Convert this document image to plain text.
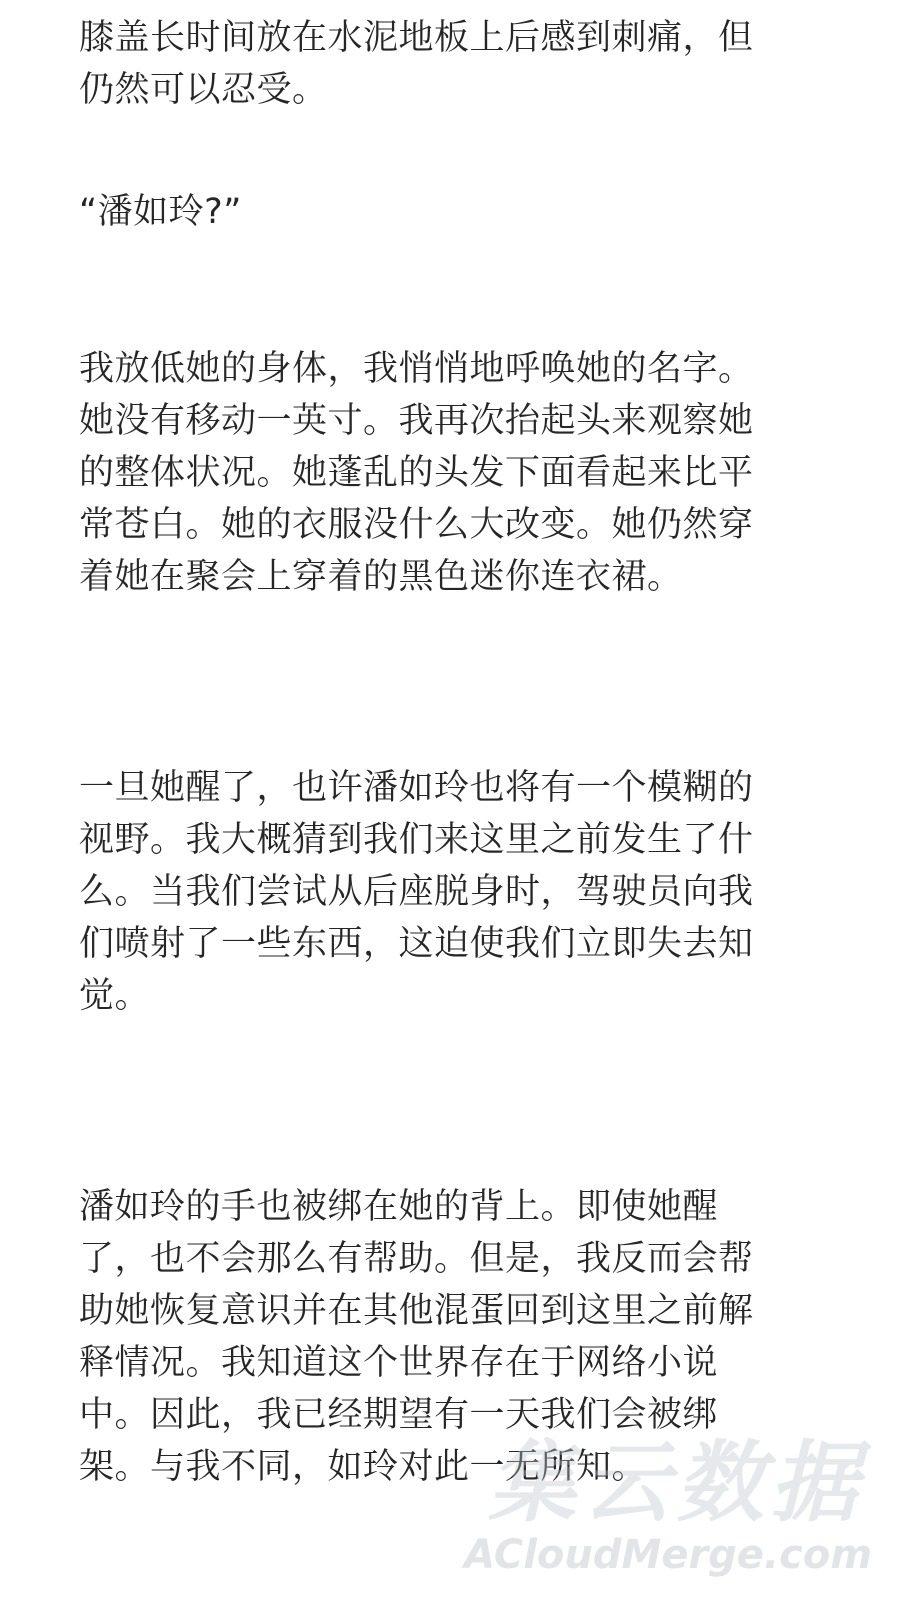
膝盖长时间放在水泥地板上后感到刺痛，但
仍然可以忍受。
“潘如玲?”
我放低她的身体，我悄悄地呼唤她的名字。
她没有移动一英寸。我再次抬起头来观察她
的整体状况。她蓬乱的头发下面看起来比平
常苍白。她的衣服没什么大改变。她仍然穿
着她在聚会上穿着的黑色迷你连衣裙。
一旦她醒了，也许潘如玲也将有一个模糊的
视野。我大概猜到我们来这里之前发生了什
么。当我们尝试从后座脱身时，驾驶员向我
们喷射了一些东西，这迫使我们立即失去知
觉。
潘如玲的手也被绑在她的背上。即使她醒
了，也不会那么有帮助。但是，我反而会帮
助她恢复意识并在其他混蛋回到这里之前解
释情况。我知道这个世界存在于网络小说
中。因此，我已经期望有一天我们会被绑
架。与我不同，如玲对此一无所知。
集云数据
ACloudMerge.com
